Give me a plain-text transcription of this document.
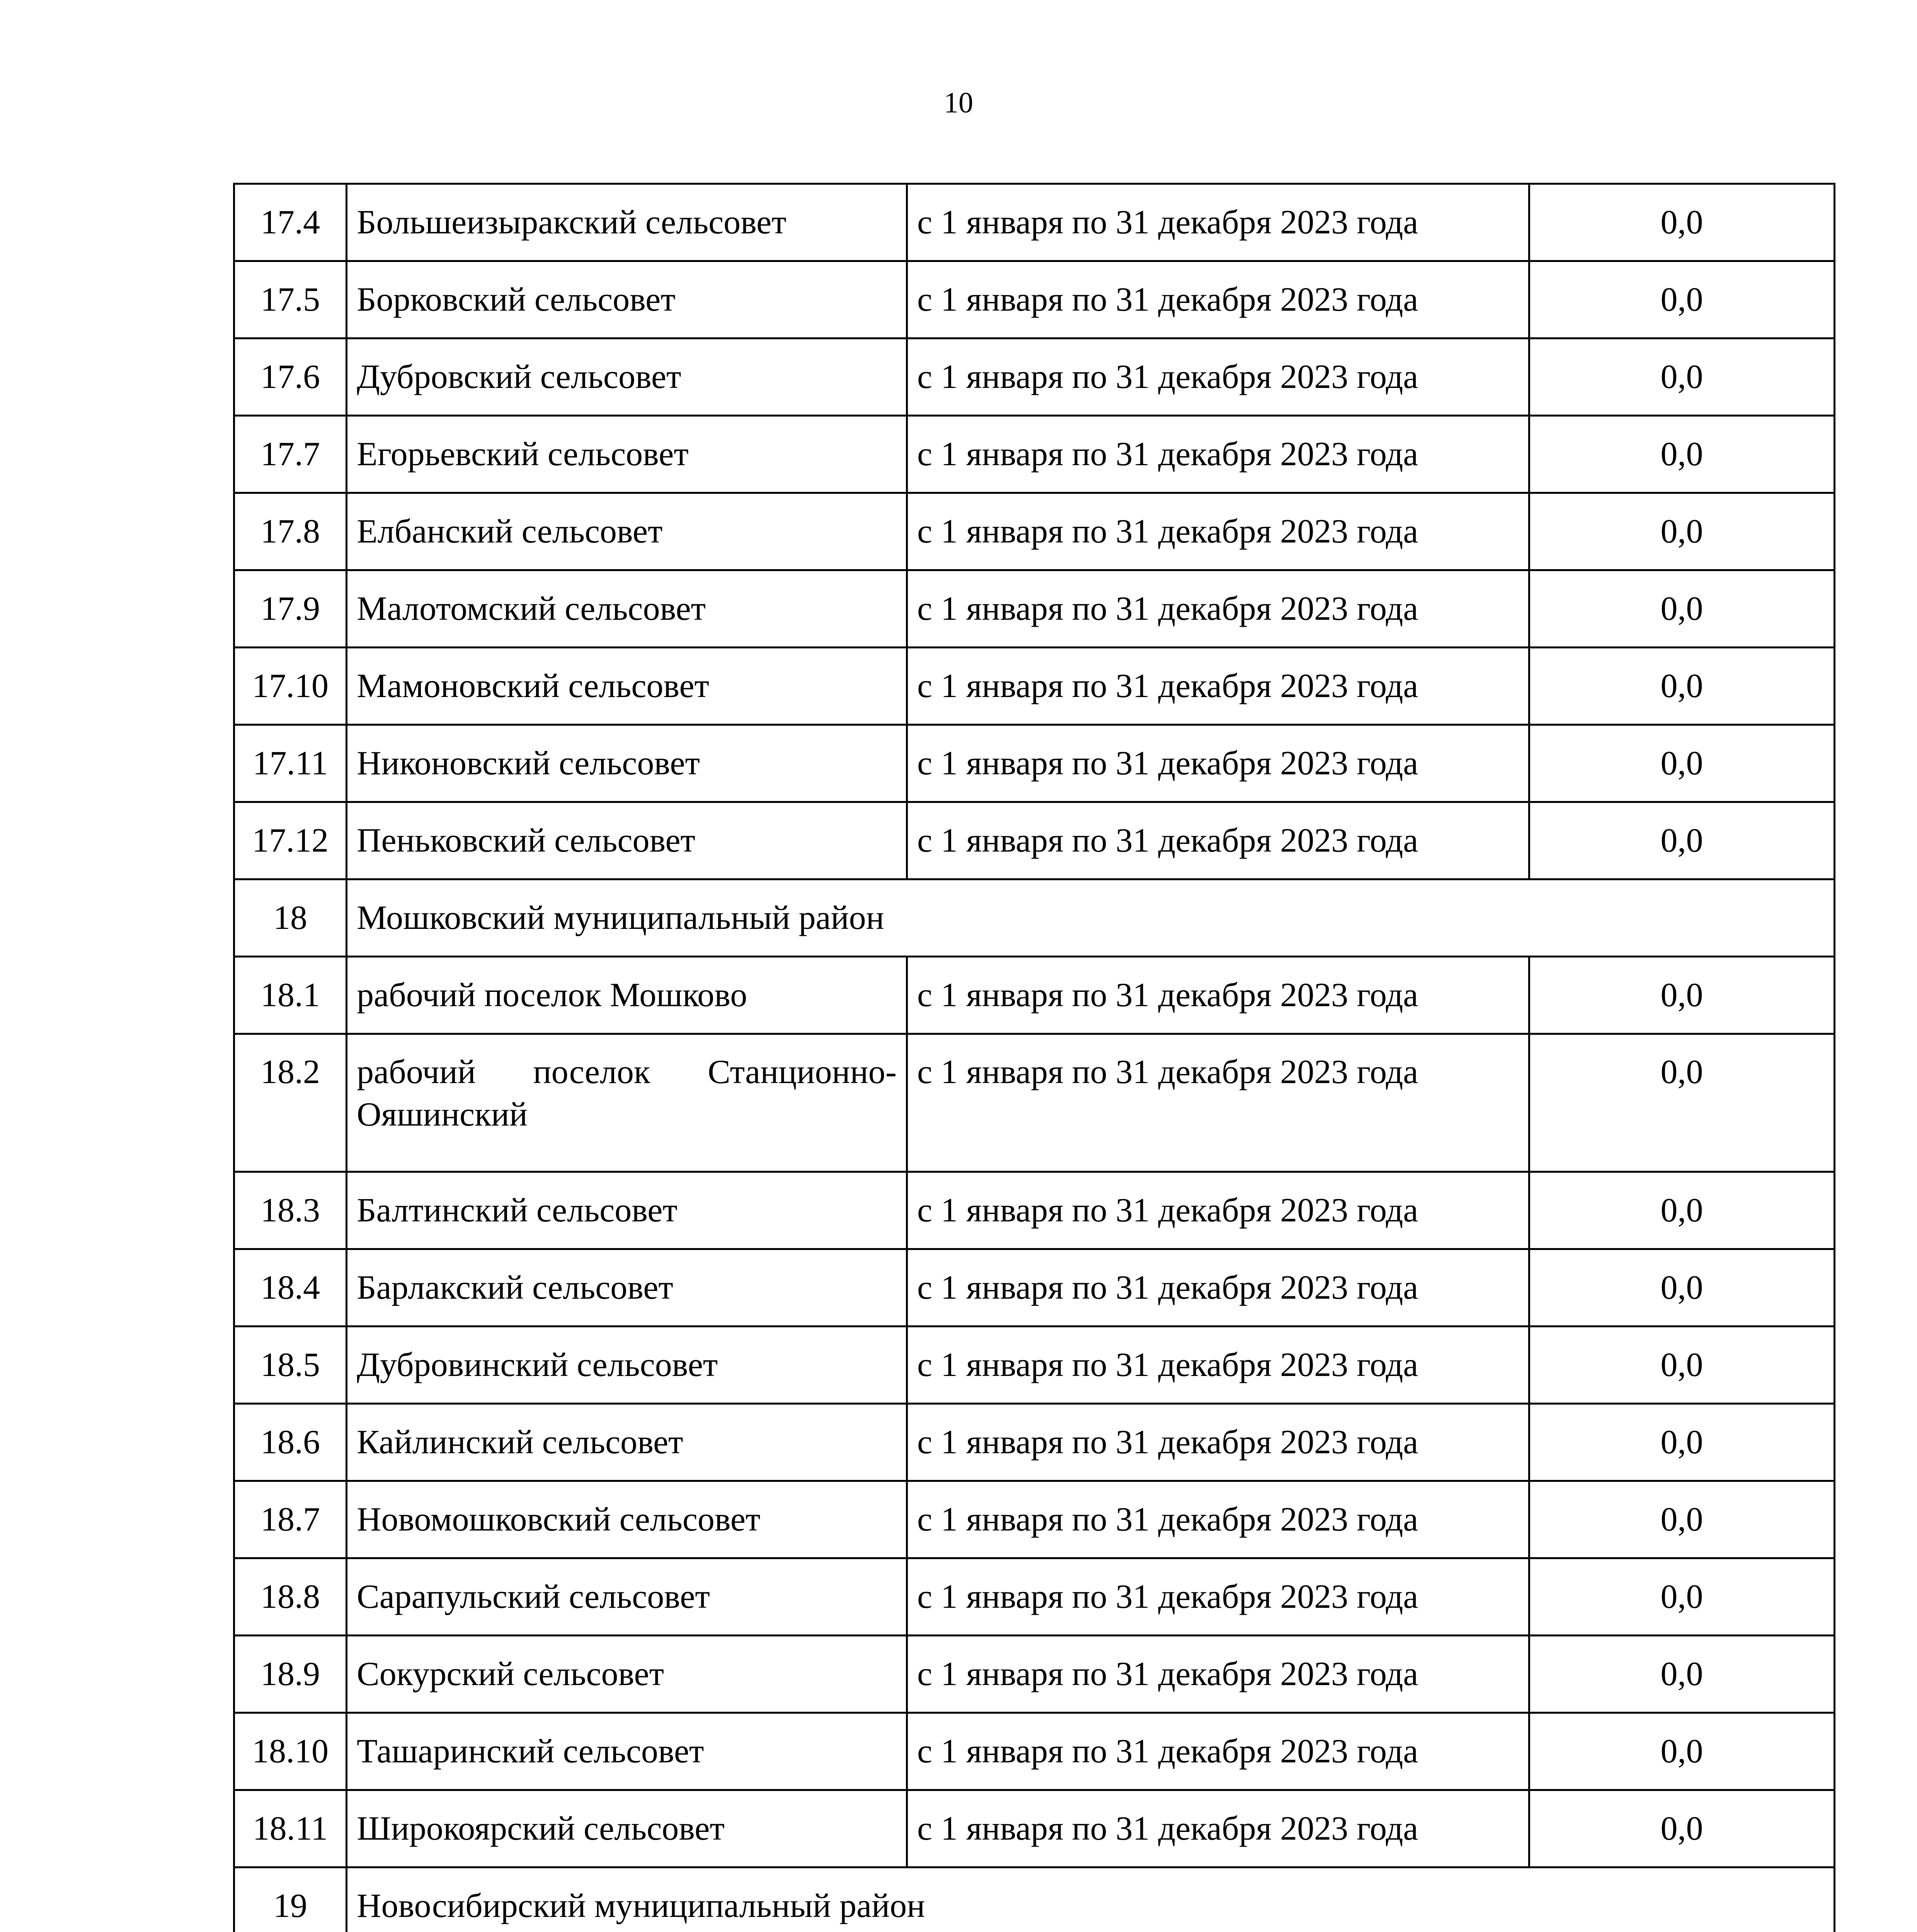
10
17.4	Большеизыракский сельсовет	с 1 января по 31 декабря 2023 года	0,0
17.5	Борковский сельсовет	с 1 января по 31 декабря 2023 года	0,0
17.6	Дубровский сельсовет	с 1 января по 31 декабря 2023 года	0,0
17.7	Егорьевский сельсовет	с 1 января по 31 декабря 2023 года	0,0
17.8	Елбанский сельсовет	с 1 января по 31 декабря 2023 года	0,0
17.9	Малотомский сельсовет	с 1 января по 31 декабря 2023 года	0,0
17.10	Мамоновский сельсовет	с 1 января по 31 декабря 2023 года	0,0
17.11	Никоновский сельсовет	с 1 января по 31 декабря 2023 года	0,0
17.12	Пеньковский сельсовет	с 1 января по 31 декабря 2023 года	0,0
18	Мошковский муниципальный район		
18.1	рабочий поселок Мошково	с 1 января по 31 декабря 2023 года	0,0
18.2	рабочий поселок Станционно-Ояшинский	с 1 января по 31 декабря 2023 года	0,0
18.3	Балтинский сельсовет	с 1 января по 31 декабря 2023 года	0,0
18.4	Барлакский сельсовет	с 1 января по 31 декабря 2023 года	0,0
18.5	Дубровинский сельсовет	с 1 января по 31 декабря 2023 года	0,0
18.6	Кайлинский сельсовет	с 1 января по 31 декабря 2023 года	0,0
18.7	Новомошковский сельсовет	с 1 января по 31 декабря 2023 года	0,0
18.8	Сарапульский сельсовет	с 1 января по 31 декабря 2023 года	0,0
18.9	Сокурский сельсовет	с 1 января по 31 декабря 2023 года	0,0
18.10	Ташаринский сельсовет	с 1 января по 31 декабря 2023 года	0,0
18.11	Широкоярский сельсовет	с 1 января по 31 декабря 2023 года	0,0
19	Новосибирский муниципальный район		
